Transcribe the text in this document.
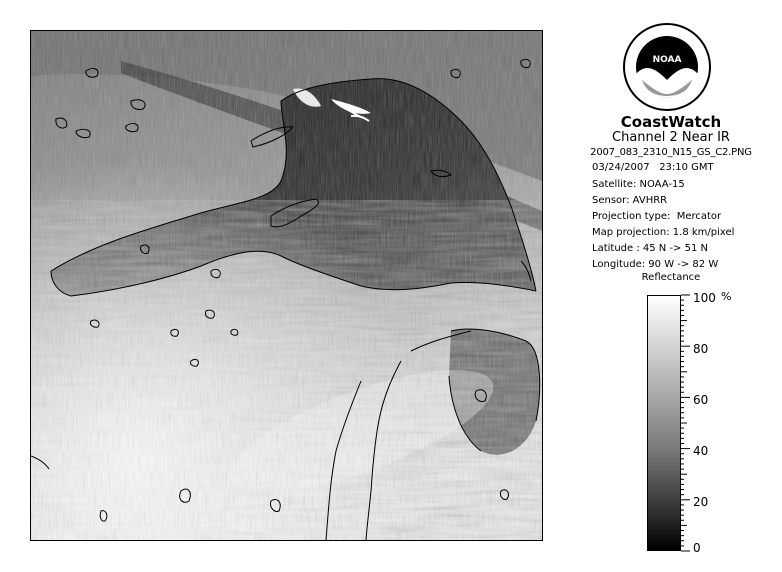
NOAA
CoastWatch
Channel 2 Near IR
2007_083_2310_N15_GS_C2.PNG
03/24/2007 23:10 GMT
Satellite: NOAA-15
Sensor: AVHRR
Projection type:  Mercator
Map projection: 1.8 km/pixel
Latitude : 45 N -> 51 N
Longitude: 90 W -> 82 W
Reflectance
100
80
60
40
20
0
%
